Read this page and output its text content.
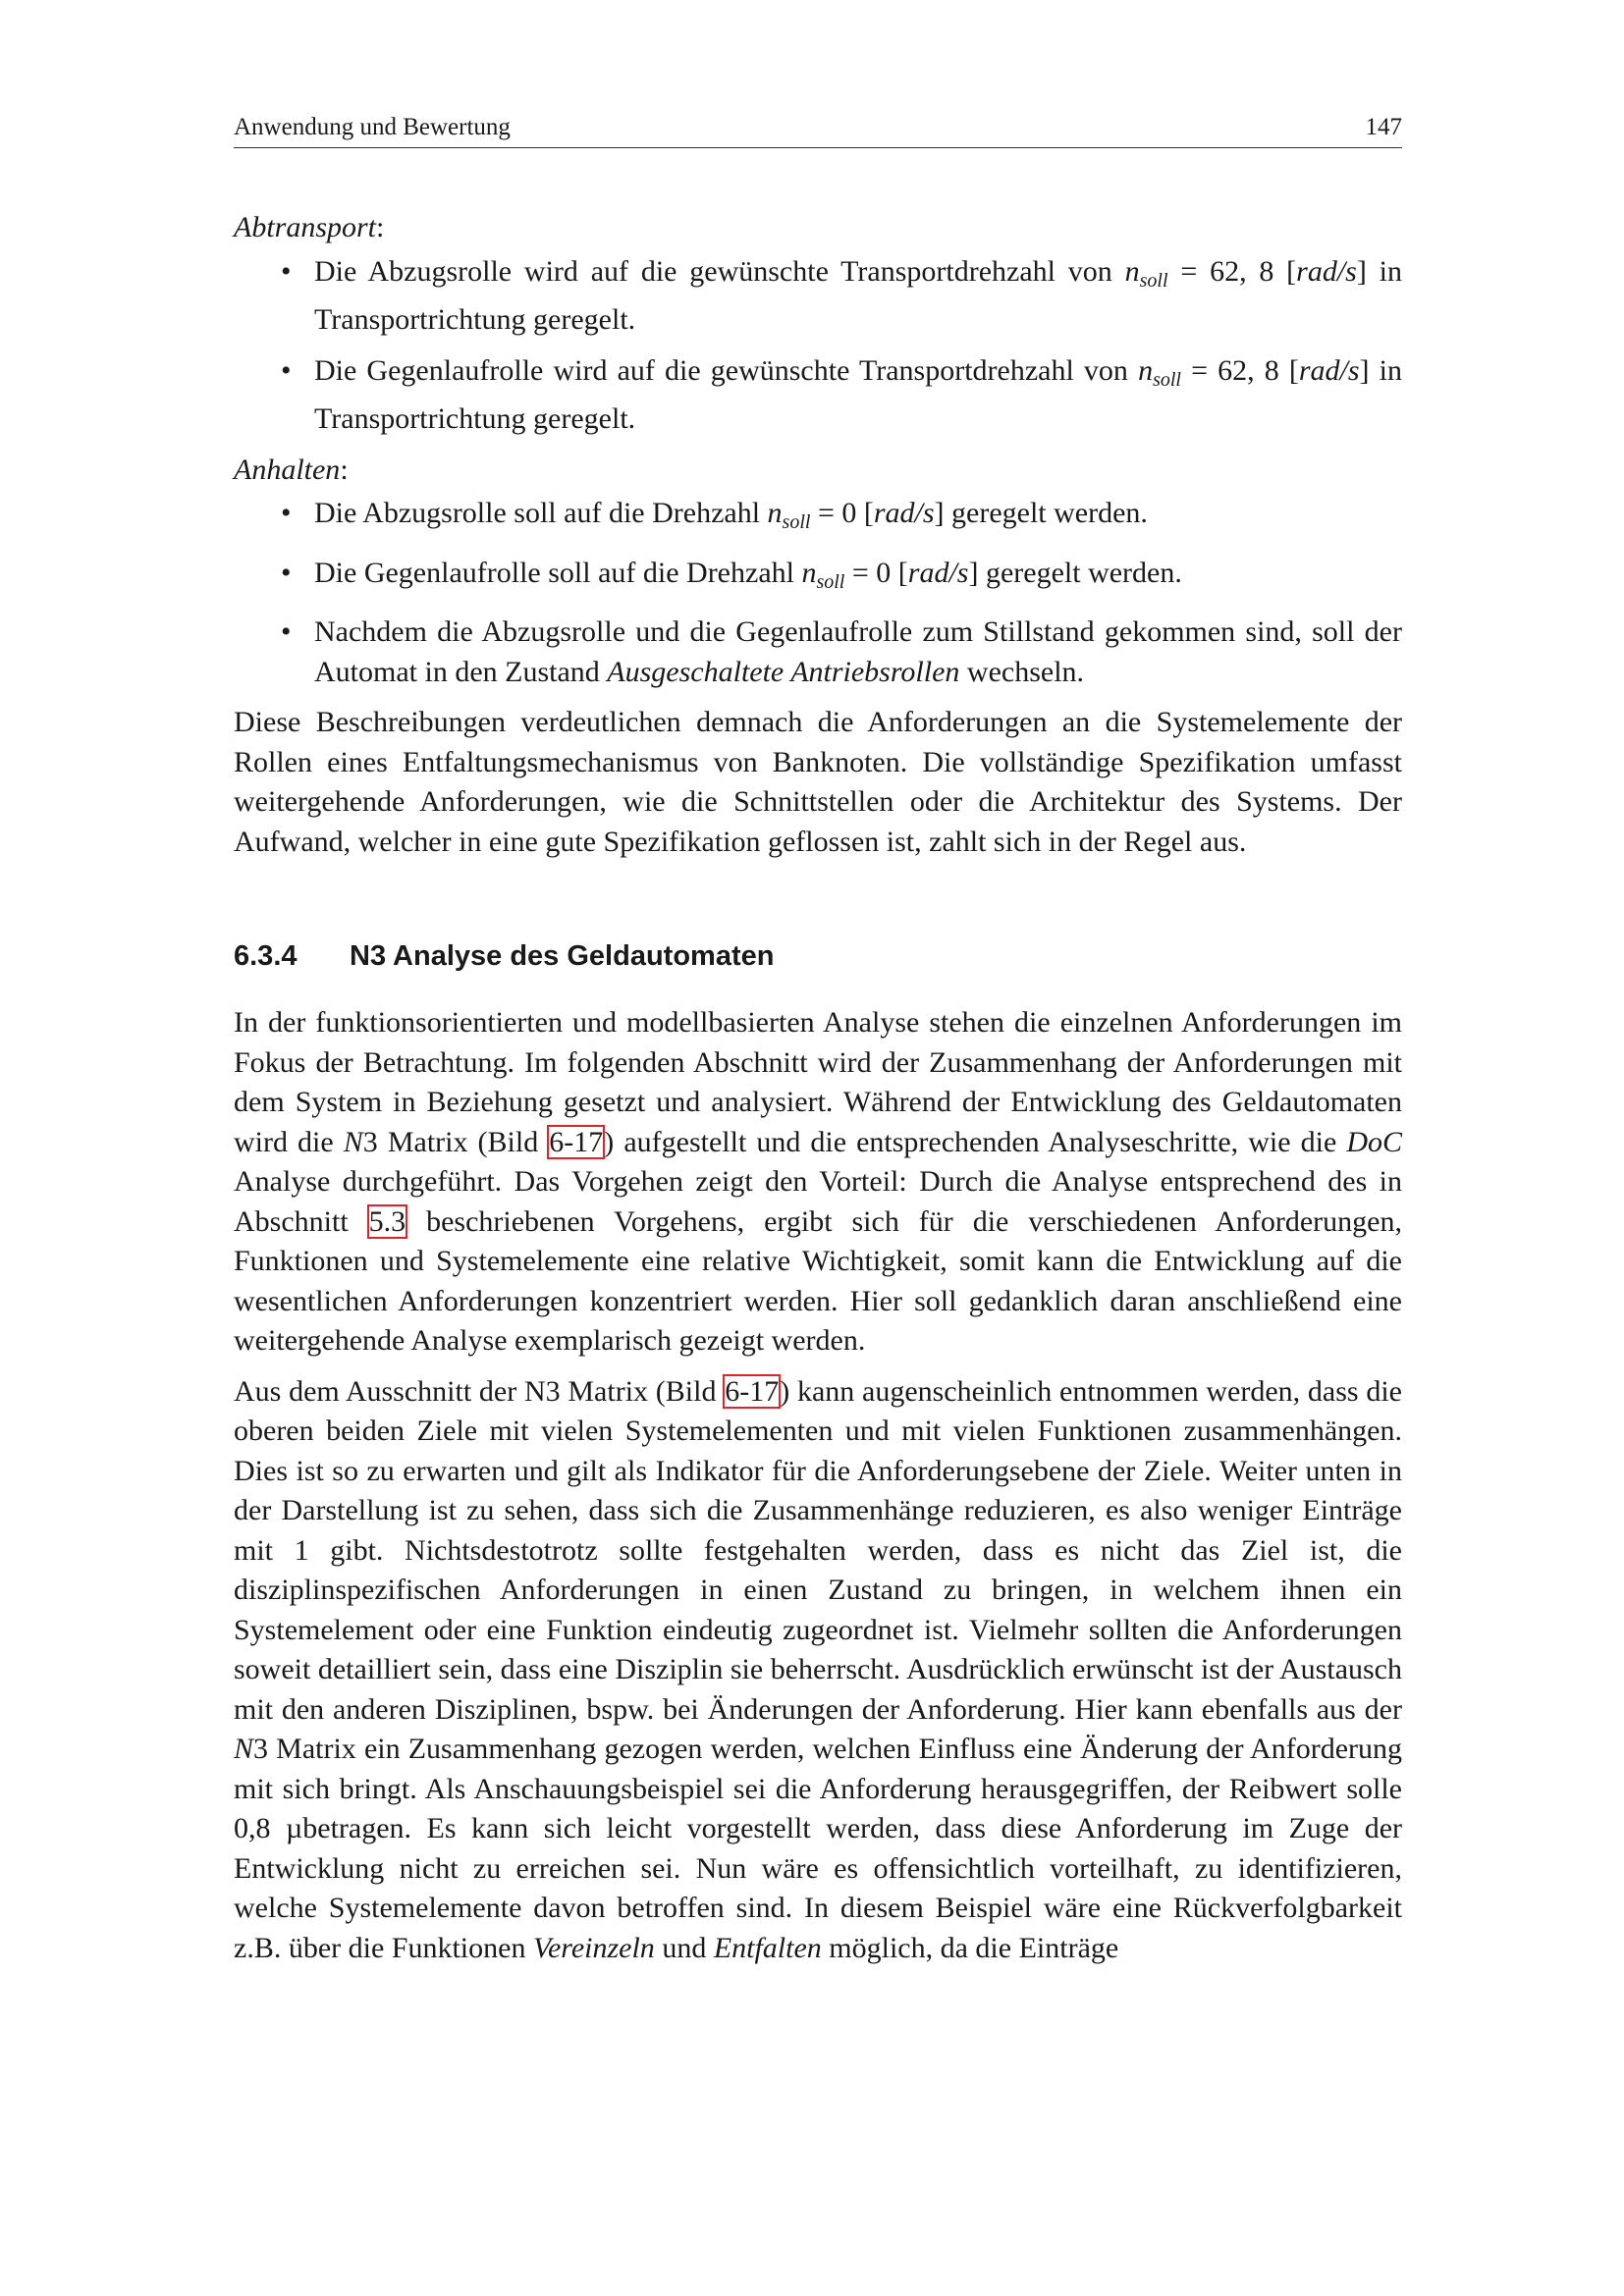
Anwendung und Bewertung	147

Abtransport:

• Die Abzugsrolle wird auf die gewünschte Transportdrehzahl von $n_{soll} = 62$, 8 [rad/s] in Transportrichtung geregelt.
• Die Gegenlaufrolle wird auf die gewünschte Transportdrehzahl von $n_{soll} = 62$, 8 [rad/s] in Transportrichtung geregelt.

Anhalten:

• Die Abzugsrolle soll auf die Drehzahl $n_{soll} = 0$ [rad/s] geregelt werden.
• Die Gegenlaufrolle soll auf die Drehzahl $n_{soll} = 0$ [rad/s] geregelt werden.
• Nachdem die Abzugsrolle und die Gegenlaufrolle zum Stillstand gekommen sind, soll der Automat in den Zustand Ausgeschaltete Antriebsrollen wechseln.

Diese Beschreibungen verdeutlichen demnach die Anforderungen an die Systemelemente der Rollen eines Entfaltungsmechanismus von Banknoten. Die vollständige Spezifikation umfasst weitergehende Anforderungen, wie die Schnittstellen oder die Architektur des Systems. Der Aufwand, welcher in eine gute Spezifikation geflossen ist, zahlt sich in der Regel aus.

6.3.4 N3 Analyse des Geldautomaten

In der funktionsorientierten und modellbasierten Analyse stehen die einzelnen Anforderungen im Fokus der Betrachtung. Im folgenden Abschnitt wird der Zusammenhang der Anforderungen mit dem System in Beziehung gesetzt und analysiert. Während der Entwicklung des Geldautomaten wird die N3 Matrix (Bild 6-17) aufgestellt und die entsprechenden Analyseschritte, wie die DoC Analyse durchgeführt. Das Vorgehen zeigt den Vorteil: Durch die Analyse entsprechend des in Abschnitt 5.3 beschriebenen Vorgehens, ergibt sich für die verschiedenen Anforderungen, Funktionen und Systemelemente eine relative Wichtigkeit, somit kann die Entwicklung auf die wesentlichen Anforderungen konzentriert werden. Hier soll gedanklich daran anschließend eine weitergehende Analyse exemplarisch gezeigt werden.

Aus dem Ausschnitt der N3 Matrix (Bild 6-17) kann augenscheinlich entnommen werden, dass die oberen beiden Ziele mit vielen Systemelementen und mit vielen Funktionen zusammenhängen. Dies ist so zu erwarten und gilt als Indikator für die Anforderungsebene der Ziele. Weiter unten in der Darstellung ist zu sehen, dass sich die Zusammenhänge reduzieren, es also weniger Einträge mit 1 gibt. Nichtsdestotrotz sollte festgehalten werden, dass es nicht das Ziel ist, die disziplinspezifischen Anforderungen in einen Zustand zu bringen, in welchem ihnen ein Systemelement oder eine Funktion eindeutig zugeordnet ist. Vielmehr sollten die Anforderungen soweit detailliert sein, dass eine Disziplin sie beherrscht. Ausdrücklich erwünscht ist der Austausch mit den anderen Disziplinen, bspw. bei Änderungen der Anforderung. Hier kann ebenfalls aus der N3 Matrix ein Zusammenhang gezogen werden, welchen Einfluss eine Änderung der Anforderung mit sich bringt. Als Anschauungsbeispiel sei die Anforderung herausgegriffen, der Reibwert solle 0,8 µbetragen. Es kann sich leicht vorgestellt werden, dass diese Anforderung im Zuge der Entwicklung nicht zu erreichen sei. Nun wäre es offensichtlich vorteilhaft, zu identifizieren, welche Systemelemente davon betroffen sind. In diesem Beispiel wäre eine Rückverfolgbarkeit z.B. über die Funktionen Vereinzeln und Entfalten möglich, da die Einträge
